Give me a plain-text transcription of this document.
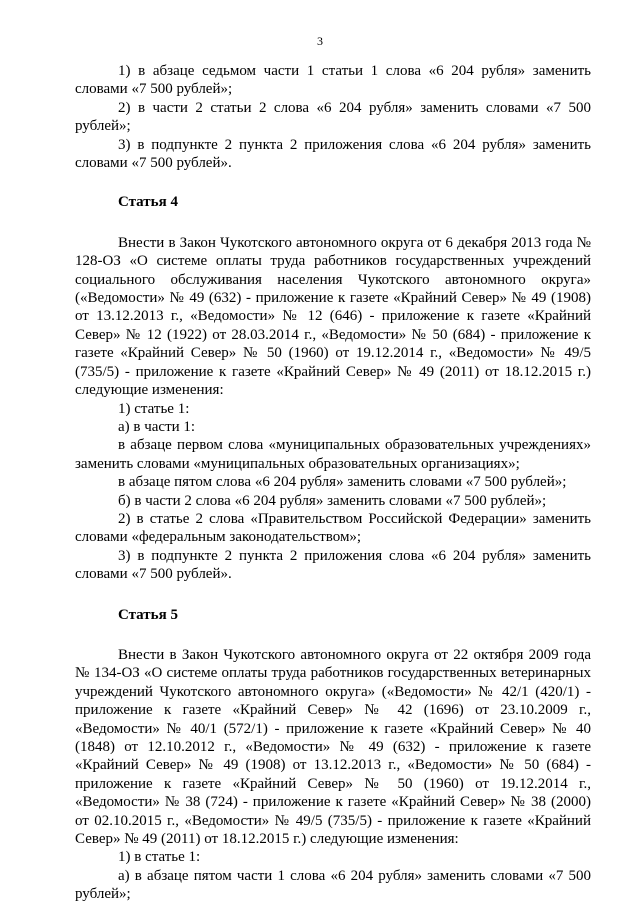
3

1) в абзаце седьмом части 1 статьи 1 слова «6 204 рубля» заменить словами «7 500 рублей»;

2) в части 2 статьи 2 слова «6 204 рубля» заменить словами «7 500 рублей»;

3) в подпункте 2 пункта 2 приложения слова «6 204 рубля» заменить словами «7 500 рублей».

Статья 4

Внести в Закон Чукотского автономного округа от 6 декабря 2013 года № 128-ОЗ «О системе оплаты труда работников государственных учреждений социального обслуживания населения Чукотского автономного округа» («Ведомости» № 49 (632) - приложение к газете «Крайний Север» № 49 (1908) от 13.12.2013 г., «Ведомости» № 12 (646) - приложение к газете «Крайний Север» № 12 (1922) от 28.03.2014 г., «Ведомости» № 50 (684) - приложение к газете «Крайний Север» № 50 (1960) от 19.12.2014 г., «Ведомости» № 49/5 (735/5) - приложение к газете «Крайний Север» № 49 (2011) от 18.12.2015 г.) следующие изменения:

1) статье 1:

а) в части 1:

в абзаце первом слова «муниципальных образовательных учреждениях» заменить словами «муниципальных образовательных организациях»;

в абзаце пятом слова «6 204 рубля» заменить словами «7 500 рублей»;

б) в части 2 слова «6 204 рубля» заменить словами «7 500 рублей»;

2) в статье 2 слова «Правительством Российской Федерации» заменить словами «федеральным законодательством»;

3) в подпункте 2 пункта 2 приложения слова «6 204 рубля» заменить словами «7 500 рублей».

Статья 5

Внести в Закон Чукотского автономного округа от 22 октября 2009 года № 134-ОЗ «О системе оплаты труда работников государственных ветеринарных учреждений Чукотского автономного округа» («Ведомости» № 42/1 (420/1) - приложение к газете «Крайний Север» № 42 (1696) от 23.10.2009 г., «Ведомости» № 40/1 (572/1) - приложение к газете «Крайний Север» № 40 (1848) от 12.10.2012 г., «Ведомости» № 49 (632) - приложение к газете «Крайний Север» № 49 (1908) от 13.12.2013 г., «Ведомости» № 50 (684) - приложение к газете «Крайний Север» № 50 (1960) от 19.12.2014 г., «Ведомости» № 38 (724) - приложение к газете «Крайний Север» № 38 (2000) от 02.10.2015 г., «Ведомости» № 49/5 (735/5) - приложение к газете «Крайний Север» № 49 (2011) от 18.12.2015 г.) следующие изменения:

1) в статье 1:

а) в абзаце пятом части 1 слова «6 204 рубля» заменить словами «7 500 рублей»;
